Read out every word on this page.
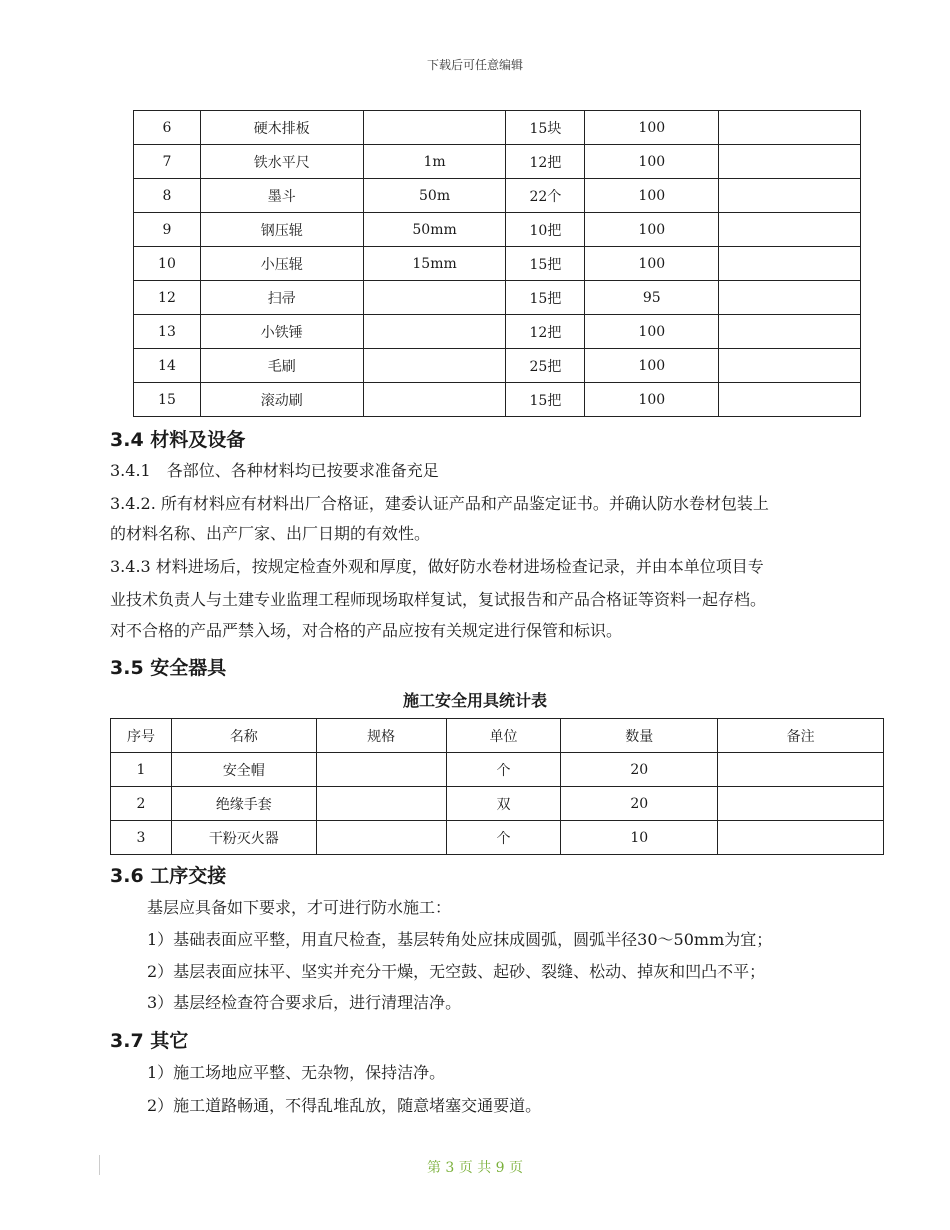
下载后可任意编辑
6	硬木排板		15块	100	
7	铁水平尺	1m	12把	100	
8	墨斗	50m	22个	100	
9	钢压辊	50mm	10把	100	
10	小压辊	15mm	15把	100	
12	扫帚		15把	95	
13	小铁锤		12把	100	
14	毛刷		25把	100	
15	滚动刷		15把	100	
3.4 材料及设备
3.4.1　各部位、各种材料均已按要求准备充足
3.4.2. 所有材料应有材料出厂合格证，建委认证产品和产品鉴定证书。并确认防水卷材包装上
的材料名称、出产厂家、出厂日期的有效性。
3.4.3 材料进场后，按规定检查外观和厚度，做好防水卷材进场检查记录，并由本单位项目专
业技术负责人与土建专业监理工程师现场取样复试，复试报告和产品合格证等资料一起存档。
对不合格的产品严禁入场，对合格的产品应按有关规定进行保管和标识。
3.5 安全器具
施工安全用具统计表
序号	名称	规格	单位	数量	备注
1	安全帽		个	20	
2	绝缘手套		双	20	
3	干粉灭火器		个	10	
3.6 工序交接
基层应具备如下要求，才可进行防水施工：
1）基础表面应平整，用直尺检查，基层转角处应抹成圆弧，圆弧半径30～50mm为宜；
2）基层表面应抹平、坚实并充分干燥，无空鼓、起砂、裂缝、松动、掉灰和凹凸不平；
3）基层经检查符合要求后，进行清理洁净。
3.7 其它
1）施工场地应平整、无杂物，保持洁净。
2）施工道路畅通，不得乱堆乱放，随意堵塞交通要道。
第 3 页 共 9 页
